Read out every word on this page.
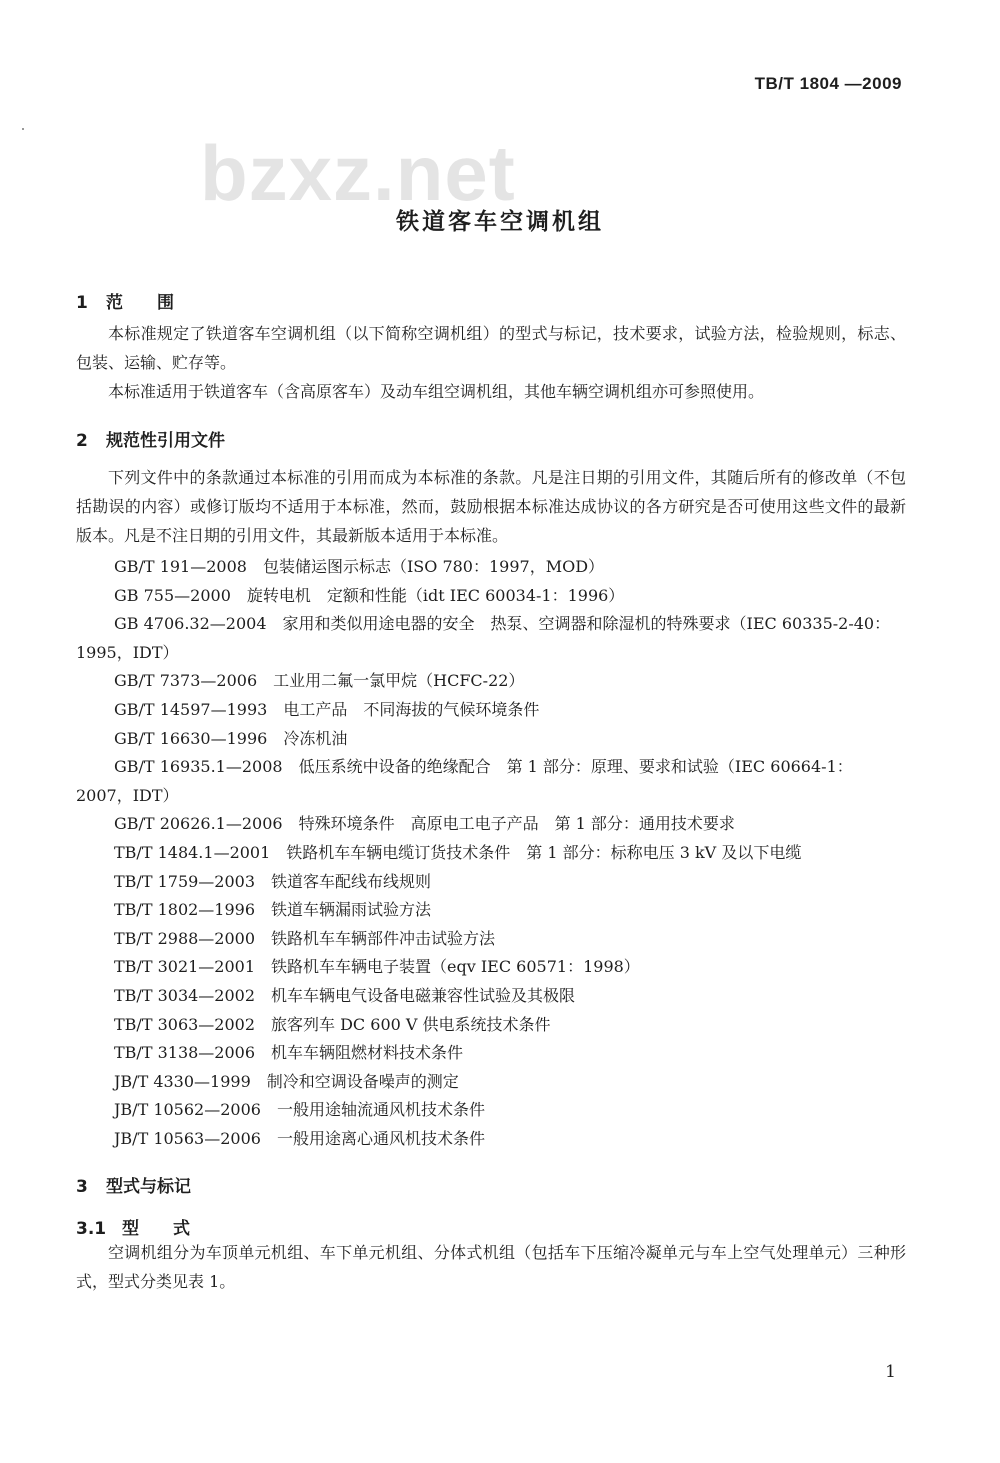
TB/T 1804 —2009
bzxz.net
铁道客车空调机组
1 范　　围
本标准规定了铁道客车空调机组（以下简称空调机组）的型式与标记，技术要求，试验方法，检验规则，标志、包装、运输、贮存等。
本标准适用于铁道客车（含高原客车）及动车组空调机组，其他车辆空调机组亦可参照使用。
2 规范性引用文件
下列文件中的条款通过本标准的引用而成为本标准的条款。凡是注日期的引用文件，其随后所有的修改单（不包括勘误的内容）或修订版均不适用于本标准，然而，鼓励根据本标准达成协议的各方研究是否可使用这些文件的最新版本。凡是不注日期的引用文件，其最新版本适用于本标准。
GB/T 191—2008 包装储运图示标志（ISO 780：1997，MOD）
GB 755—2000 旋转电机　定额和性能（idt IEC 60034-1：1996）
GB 4706.32—2004 家用和类似用途电器的安全　热泵、空调器和除湿机的特殊要求（IEC 60335-2-40：1995，IDT）
GB/T 7373—2006 工业用二氟一氯甲烷（HCFC-22）
GB/T 14597—1993 电工产品　不同海拔的气候环境条件
GB/T 16630—1996 冷冻机油
GB/T 16935.1—2008 低压系统中设备的绝缘配合　第 1 部分：原理、要求和试验（IEC 60664-1：2007，IDT）
GB/T 20626.1—2006 特殊环境条件　高原电工电子产品　第 1 部分：通用技术要求
TB/T 1484.1—2001 铁路机车车辆电缆订货技术条件　第 1 部分：标称电压 3 kV 及以下电缆
TB/T 1759—2003 铁道客车配线布线规则
TB/T 1802—1996 铁道车辆漏雨试验方法
TB/T 2988—2000 铁路机车车辆部件冲击试验方法
TB/T 3021—2001 铁路机车车辆电子装置（eqv IEC 60571：1998）
TB/T 3034—2002 机车车辆电气设备电磁兼容性试验及其极限
TB/T 3063—2002 旅客列车 DC 600 V 供电系统技术条件
TB/T 3138—2006 机车车辆阻燃材料技术条件
JB/T 4330—1999 制冷和空调设备噪声的测定
JB/T 10562—2006 一般用途轴流通风机技术条件
JB/T 10563—2006 一般用途离心通风机技术条件
3 型式与标记
3.1 型　　式
空调机组分为车顶单元机组、车下单元机组、分体式机组（包括车下压缩冷凝单元与车上空气处理单元）三种形式，型式分类见表 1。
1
